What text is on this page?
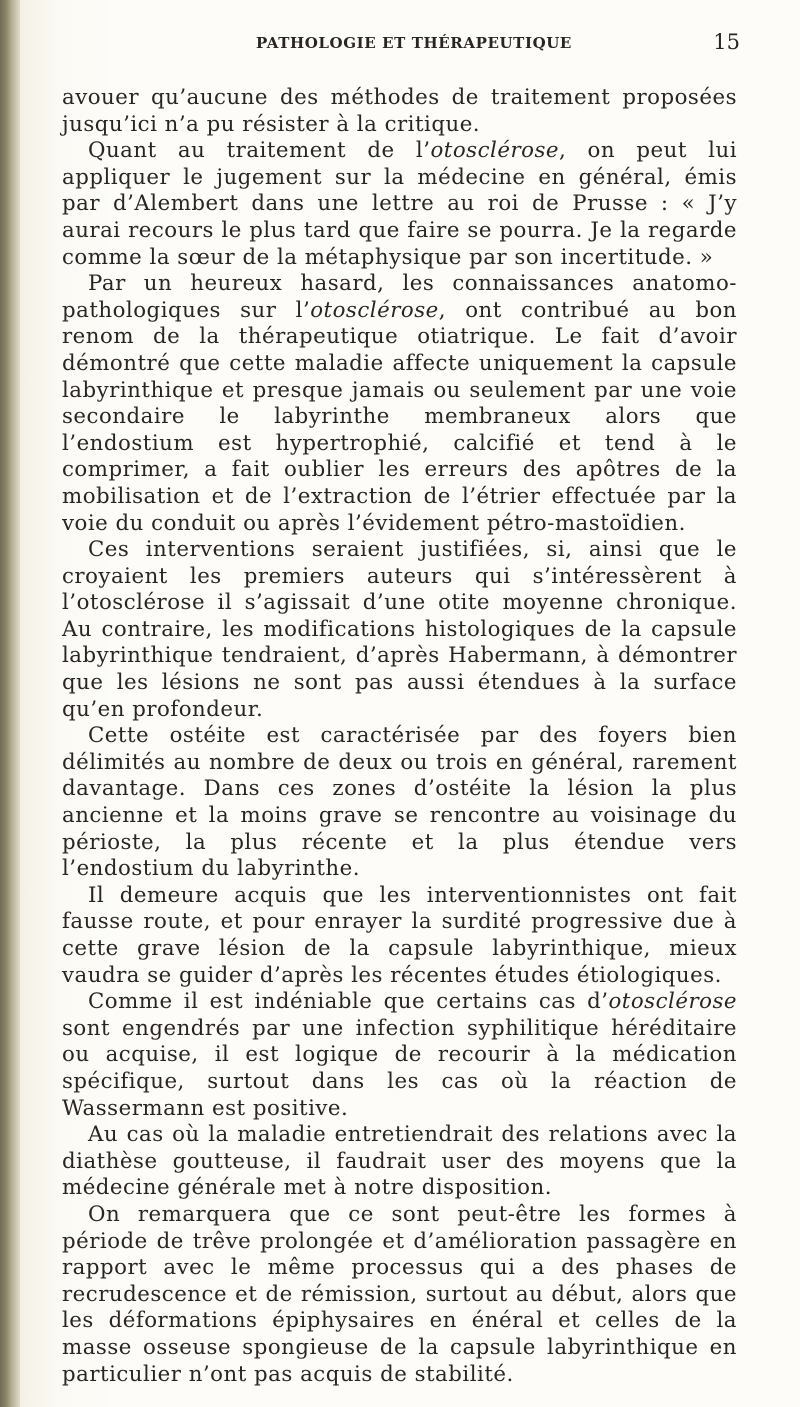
PATHOLOGIE ET THÉRAPEUTIQUE	15

avouer qu’aucune des méthodes de traitement proposées jusqu’ici n’a pu résister à la critique.

Quant au traitement de l’otosclérose, on peut lui appliquer le jugement sur la médecine en général, émis par d’Alembert dans une lettre au roi de Prusse : « J’y aurai recours le plus tard que faire se pourra. Je la regarde comme la sœur de la métaphysique par son incertitude. »

Par un heureux hasard, les connaissances anatomo-pathologiques sur l’otosclérose, ont contribué au bon renom de la thérapeutique otiatrique. Le fait d’avoir démontré que cette maladie affecte uniquement la capsule labyrinthique et presque jamais ou seulement par une voie secondaire le labyrinthe membraneux alors que l’endostium est hypertrophié, calcifié et tend à le comprimer, a fait oublier les erreurs des apôtres de la mobilisation et de l’extraction de l’étrier effectuée par la voie du conduit ou après l’évidement pétro-mastoïdien.

Ces interventions seraient justifiées, si, ainsi que le croyaient les premiers auteurs qui s’intéressèrent à l’otosclérose il s’agissait d’une otite moyenne chronique. Au contraire, les modifications histologiques de la capsule labyrinthique tendraient, d’après Habermann, à démontrer que les lésions ne sont pas aussi étendues à la surface qu’en profondeur.

Cette ostéite est caractérisée par des foyers bien délimités au nombre de deux ou trois en général, rarement davantage. Dans ces zones d’ostéite la lésion la plus ancienne et la moins grave se rencontre au voisinage du périoste, la plus récente et la plus étendue vers l’endostium du labyrinthe.

Il demeure acquis que les interventionnistes ont fait fausse route, et pour enrayer la surdité progressive due à cette grave lésion de la capsule labyrinthique, mieux vaudra se guider d’après les récentes études étiologiques.

Comme il est indéniable que certains cas d’otosclérose sont engendrés par une infection syphilitique héréditaire ou acquise, il est logique de recourir à la médication spécifique, surtout dans les cas où la réaction de Wassermann est positive.

Au cas où la maladie entretiendrait des relations avec la diathèse goutteuse, il faudrait user des moyens que la médecine générale met à notre disposition.

On remarquera que ce sont peut-être les formes à période de trêve prolongée et d’amélioration passagère en rapport avec le même processus qui a des phases de recrudescence et de rémission, surtout au début, alors que les déformations épiphysaires en énéral et celles de la masse osseuse spongieuse de la capsule labyrinthique en particulier n’ont pas acquis de stabilité.
